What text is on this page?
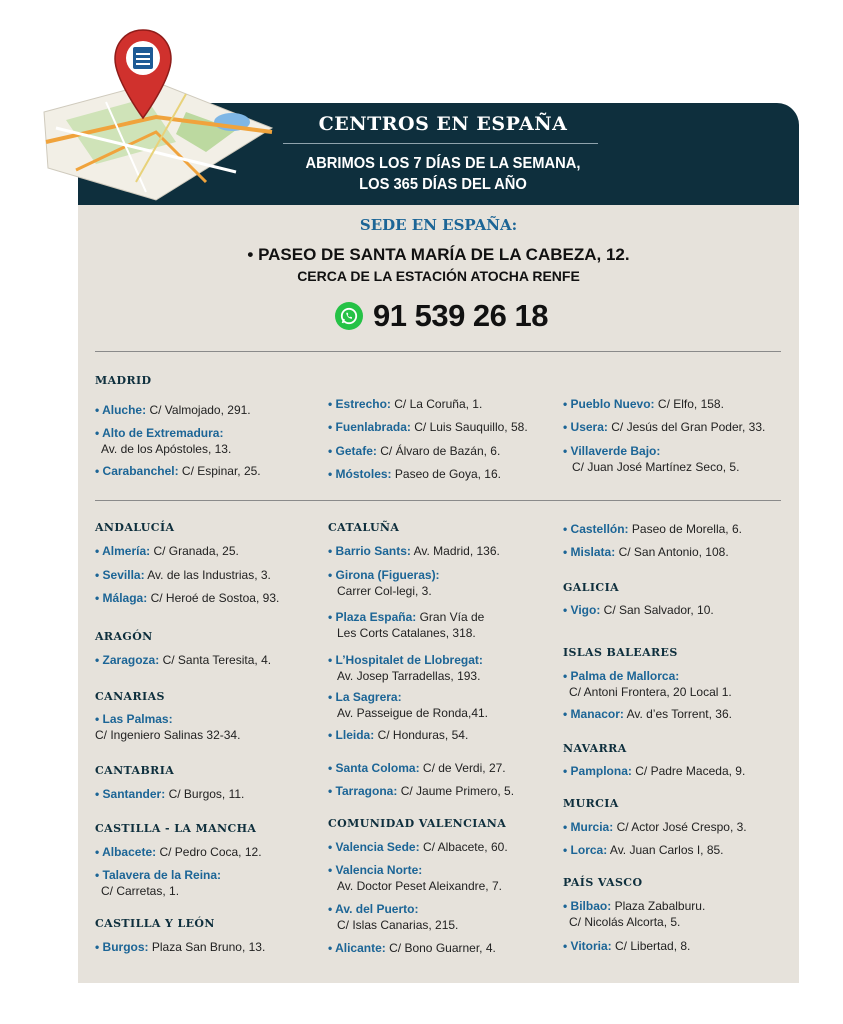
CENTROS EN ESPAÑA
ABRIMOS LOS 7 DÍAS DE LA SEMANA,
LOS 365 DÍAS DEL AÑO
SEDE EN ESPAÑA:
• PASEO DE SANTA MARÍA DE LA CABEZA, 12.
CERCA DE LA ESTACIÓN ATOCHA RENFE
91 539 26 18
MADRID
• Aluche: C/ Valmojado, 291.
• Alto de Extremadura:
Av. de los Apóstoles, 13.
• Carabanchel: C/ Espinar, 25.
• Estrecho: C/ La Coruña, 1.
• Fuenlabrada: C/ Luis Sauquillo, 58.
• Getafe: C/ Álvaro de Bazán, 6.
• Móstoles: Paseo de Goya, 16.
• Pueblo Nuevo: C/ Elfo, 158.
• Usera: C/ Jesús del Gran Poder, 33.
• Villaverde Bajo:
C/ Juan José Martínez Seco, 5.
ANDALUCÍA
• Almería: C/ Granada, 25.
• Sevilla: Av. de las Industrias, 3.
• Málaga: C/ Heroé de Sostoa, 93.
ARAGÓN
• Zaragoza: C/ Santa Teresita, 4.
CANARIAS
• Las Palmas:
C/ Ingeniero Salinas 32-34.
CANTABRIA
• Santander: C/ Burgos, 11.
CASTILLA - LA MANCHA
• Albacete: C/ Pedro Coca, 12.
• Talavera de la Reina:
C/ Carretas, 1.
CASTILLA Y LEÓN
• Burgos: Plaza San Bruno, 13.
CATALUÑA
• Barrio Sants: Av. Madrid, 136.
• Girona (Figueras):
Carrer Col-legi, 3.
• Plaza España: Gran Vía de
Les Corts Catalanes, 318.
• L’Hospitalet de Llobregat:
Av. Josep Tarradellas, 193.
• La Sagrera:
Av. Passeigue de Ronda,41.
• Lleida: C/ Honduras, 54.
• Santa Coloma: C/ de Verdi, 27.
• Tarragona: C/ Jaume Primero, 5.
COMUNIDAD VALENCIANA
• Valencia Sede: C/ Albacete, 60.
• Valencia Norte:
Av. Doctor Peset Aleixandre, 7.
• Av. del Puerto:
C/ Islas Canarias, 215.
• Alicante: C/ Bono Guarner, 4.
• Castellón: Paseo de Morella, 6.
• Mislata: C/ San Antonio, 108.
GALICIA
• Vigo: C/ San Salvador, 10.
ISLAS BALEARES
• Palma de Mallorca:
C/ Antoni Frontera, 20 Local 1.
• Manacor: Av. d’es Torrent, 36.
NAVARRA
• Pamplona: C/ Padre Maceda, 9.
MURCIA
• Murcia: C/ Actor José Crespo, 3.
• Lorca: Av. Juan Carlos I, 85.
PAÍS VASCO
• Bilbao: Plaza Zabalburu.
C/ Nicolás Alcorta, 5.
• Vitoria: C/ Libertad, 8.
